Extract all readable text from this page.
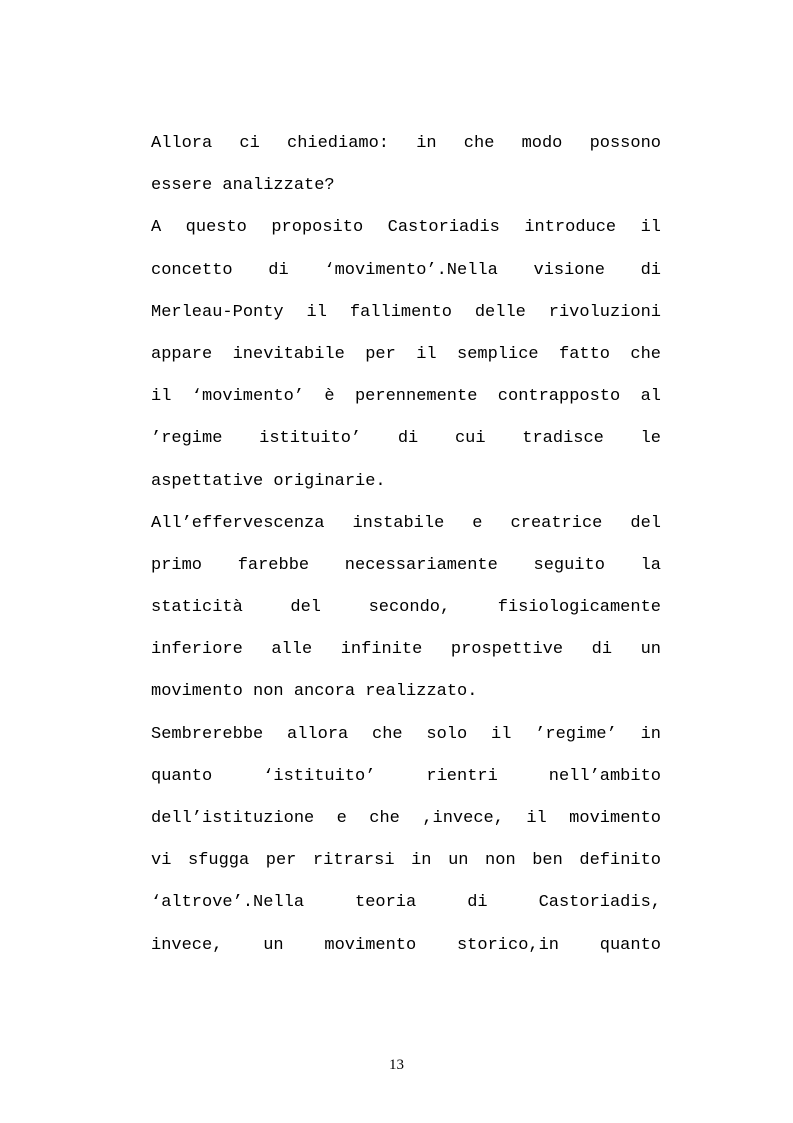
Allora ci chiediamo: in che modo possono
essere analizzate?
A questo proposito Castoriadis introduce il
concetto di ‘movimento’.Nella visione di
Merleau-Ponty il fallimento delle rivoluzioni
appare inevitabile per il semplice fatto che
il ‘movimento’ è perennemente contrapposto al
’regime istituito’ di cui tradisce le
aspettative originarie.
All’effervescenza instabile e creatrice del
primo farebbe necessariamente seguito la
staticità del secondo, fisiologicamente
inferiore alle infinite prospettive di un
movimento non ancora realizzato.
Sembrerebbe allora che solo il ’regime’ in
quanto ‘istituito’ rientri nell’ambito
dell’istituzione e che ,invece, il movimento
vi sfugga per ritrarsi in un non ben definito
‘altrove’.Nella teoria di Castoriadis,
invece, un movimento storico,in quanto
13
